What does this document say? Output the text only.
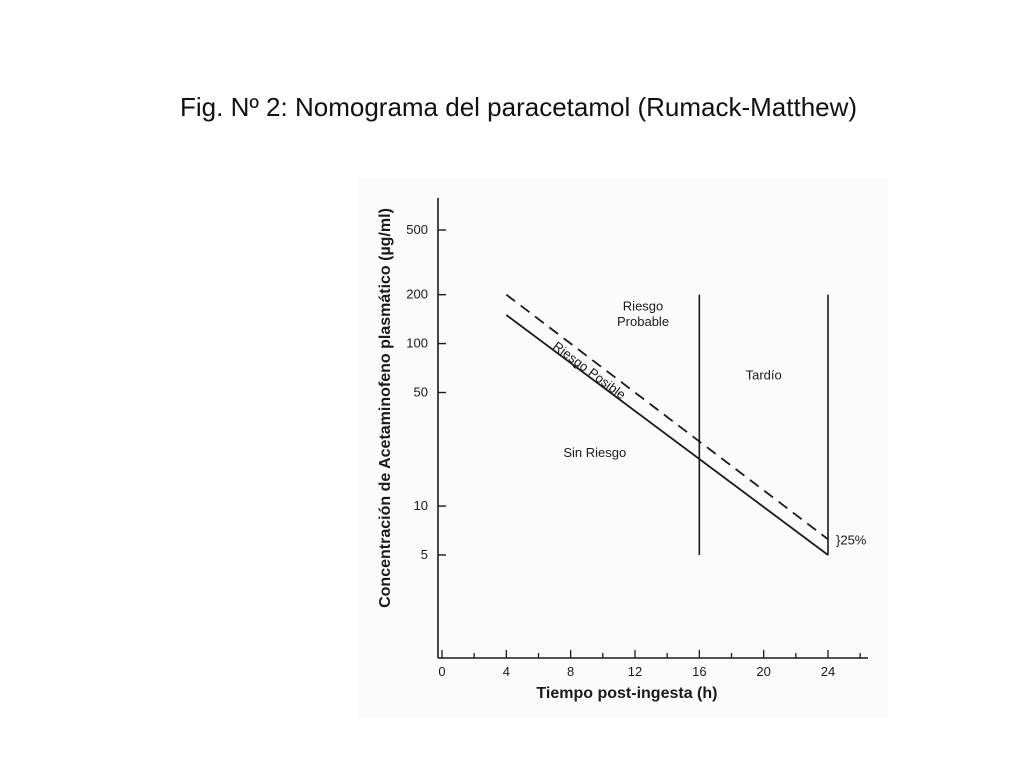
Fig. Nº 2: Nomograma del paracetamol (Rumack-Matthew)
5
10
50
100
200
500
0	4	8	12	16	20	24
Tiempo post-ingesta (h)
Concentración de Acetaminofeno plasmático (µg/ml)	Riesgo
Probable
Riesgo Posible	Tardío
Sin Riesgo
}25%
